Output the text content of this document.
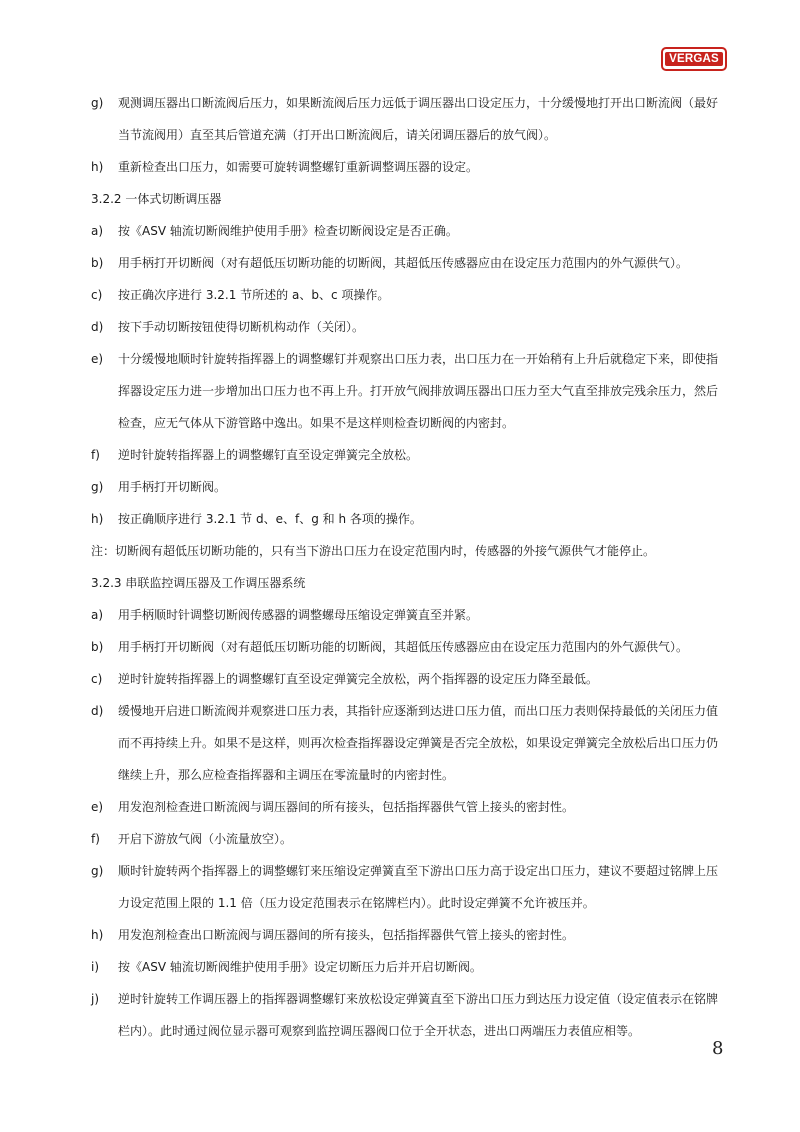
VERGAS
g) 观测调压器出口断流阀后压力，如果断流阀后压力远低于调压器出口设定压力，十分缓慢地打开出口断流阀（最好
当节流阀用）直至其后管道充满（打开出口断流阀后，请关闭调压器后的放气阀）。
h) 重新检查出口压力，如需要可旋转调整螺钉重新调整调压器的设定。
3.2.2 一体式切断调压器
a) 按《ASV 轴流切断阀维护使用手册》检查切断阀设定是否正确。
b) 用手柄打开切断阀（对有超低压切断功能的切断阀，其超低压传感器应由在设定压力范围内的外气源供气）。
c) 按正确次序进行 3.2.1 节所述的 a、b、c 项操作。
d) 按下手动切断按钮使得切断机构动作（关闭）。
e) 十分缓慢地顺时针旋转指挥器上的调整螺钉并观察出口压力表，出口压力在一开始稍有上升后就稳定下来，即使指
挥器设定压力进一步增加出口压力也不再上升。打开放气阀排放调压器出口压力至大气直至排放完残余压力，然后
检查，应无气体从下游管路中逸出。如果不是这样则检查切断阀的内密封。
f) 逆时针旋转指挥器上的调整螺钉直至设定弹簧完全放松。
g) 用手柄打开切断阀。
h) 按正确顺序进行 3.2.1 节 d、e、f、g 和 h 各项的操作。
注：切断阀有超低压切断功能的，只有当下游出口压力在设定范围内时，传感器的外接气源供气才能停止。
3.2.3 串联监控调压器及工作调压器系统
a) 用手柄顺时针调整切断阀传感器的调整螺母压缩设定弹簧直至并紧。
b) 用手柄打开切断阀（对有超低压切断功能的切断阀，其超低压传感器应由在设定压力范围内的外气源供气）。
c) 逆时针旋转指挥器上的调整螺钉直至设定弹簧完全放松，两个指挥器的设定压力降至最低。
d) 缓慢地开启进口断流阀并观察进口压力表，其指针应逐渐到达进口压力值，而出口压力表则保持最低的关闭压力值
而不再持续上升。如果不是这样，则再次检查指挥器设定弹簧是否完全放松，如果设定弹簧完全放松后出口压力仍
继续上升，那么应检查指挥器和主调压在零流量时的内密封性。
e) 用发泡剂检查进口断流阀与调压器间的所有接头，包括指挥器供气管上接头的密封性。
f) 开启下游放气阀（小流量放空）。
g) 顺时针旋转两个指挥器上的调整螺钉来压缩设定弹簧直至下游出口压力高于设定出口压力，建议不要超过铭牌上压
力设定范围上限的 1.1 倍（压力设定范围表示在铭牌栏内）。此时设定弹簧不允许被压并。
h) 用发泡剂检查出口断流阀与调压器间的所有接头，包括指挥器供气管上接头的密封性。
i) 按《ASV 轴流切断阀维护使用手册》设定切断压力后并开启切断阀。
j) 逆时针旋转工作调压器上的指挥器调整螺钉来放松设定弹簧直至下游出口压力到达压力设定值（设定值表示在铭牌
栏内）。此时通过阀位显示器可观察到监控调压器阀口位于全开状态，进出口两端压力表值应相等。
8
